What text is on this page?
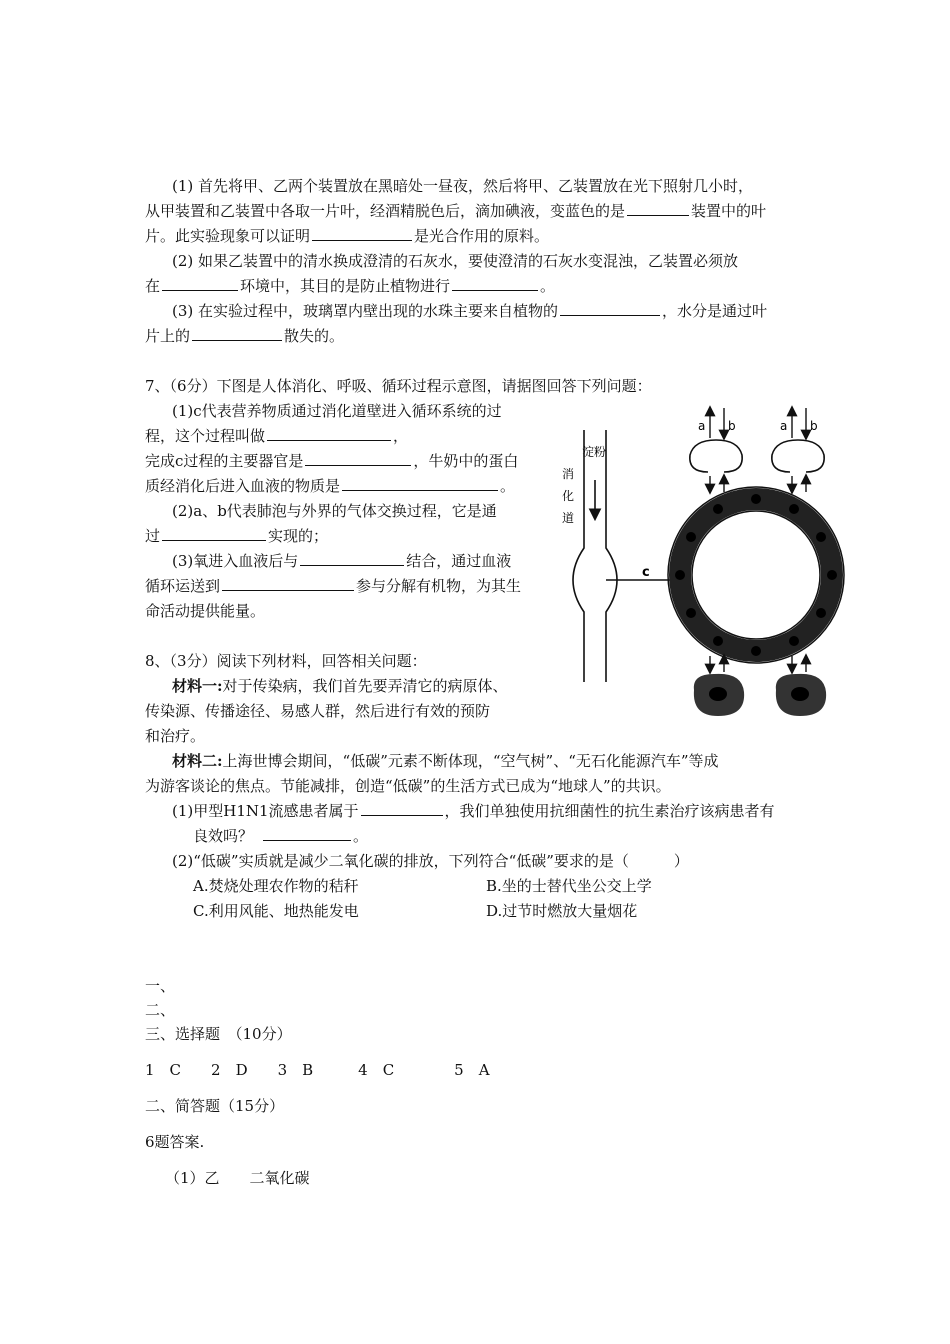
(1) 首先将甲、乙两个装置放在黑暗处一昼夜，然后将甲、乙装置放在光下照射几小时，
从甲装置和乙装置中各取一片叶，经酒精脱色后，滴加碘液，变蓝色的是	装置中的叶
片。此实验现象可以证明	是光合作用的原料。
(2) 如果乙装置中的清水换成澄清的石灰水，要使澄清的石灰水变混浊，乙装置必须放
在	环境中，其目的是防止植物进行	。
(3) 在实验过程中，玻璃罩内壁出现的水珠主要来自植物的	，水分是通过叶
片上的	散失的。
7、（6分）下图是人体消化、呼吸、循环过程示意图，请据图回答下列问题：
(1)c代表营养物质通过消化道壁进入循环系统的过
程，这个过程叫做	，
完成c过程的主要器官是	，牛奶中的蛋白
质经消化后进入血液的物质是	。
(2)a、b代表肺泡与外界的气体交换过程，它是通
过	实现的；
(3)氧进入血液后与	结合，通过血液
循环运送到	参与分解有机物，为其生
命活动提供能量。
淀粉
消
化
道
c
a b	a b
8、（3分）阅读下列材料，回答相关问题：
材料一:对于传染病，我们首先要弄清它的病原体、
传染源、传播途径、易感人群，然后进行有效的预防
和治疗。
材料二:上海世博会期间，“低碳”元素不断体现，“空气树”、“无石化能源汽车”等成
为游客谈论的焦点。节能减排，创造“低碳”的生活方式已成为“地球人”的共识。
(1)甲型H1N1流感患者属于	，我们单独使用抗细菌性的抗生素治疗该病患者有
良效吗？	。
(2)“低碳”实质就是减少二氧化碳的排放，下列符合“低碳”要求的是（　　　）
A.焚烧处理农作物的秸秆	B.坐的士替代坐公交上学
C.利用风能、地热能发电	D.过节时燃放大量烟花
一、
二、
三、选择题　（10分）
1　C　　2　D　　3　B　　　4　C　　　　5　A
二、简答题（15分）
6题答案.
（1）乙　　二氧化碳
